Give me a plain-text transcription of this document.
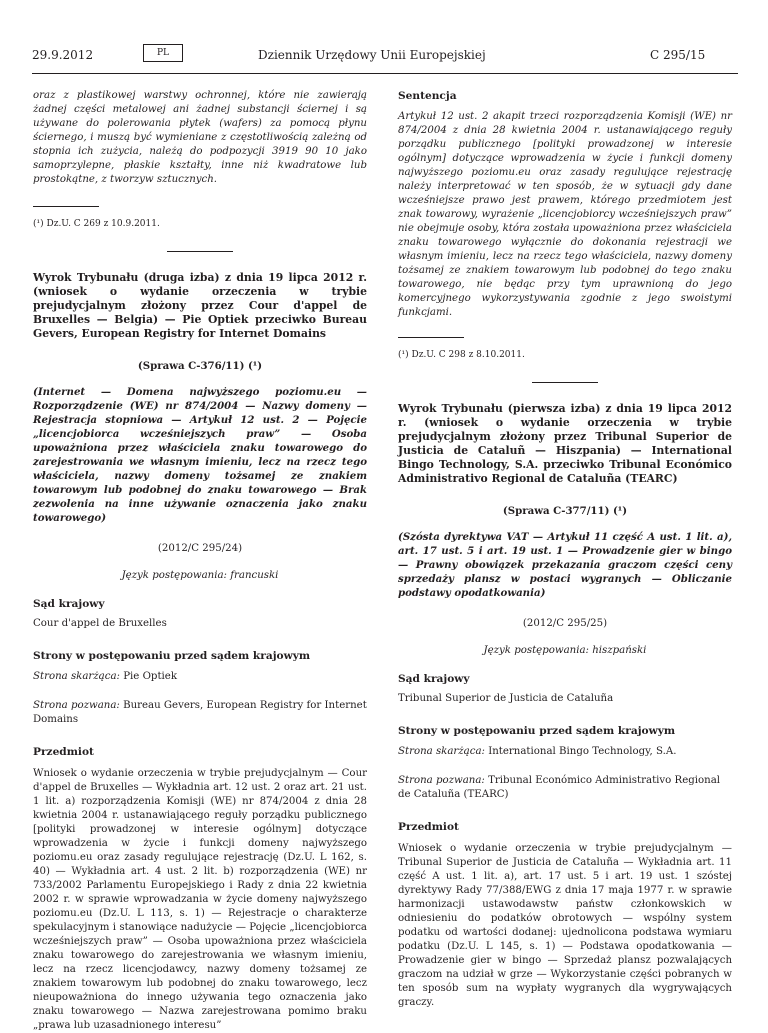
29.9.2012	PL	Dziennik Urzędowy Unii Europejskiej	C 295/15

oraz z plastikowej warstwy ochronnej, które nie zawierają żadnej części metalowej ani żadnej substancji ściernej i są używane do polerowania płytek (wafers) za pomocą płynu ściernego, i muszą być wymieniane z częstotliwością zależną od stopnia ich zużycia, należą do podpozycji 3919 90 10 jako samoprzylepne, płaskie kształty, inne niż kwadratowe lub prostokątne, z tworzyw sztucznych.

(¹) Dz.U. C 269 z 10.9.2011.

Wyrok Trybunału (druga izba) z dnia 19 lipca 2012 r. (wniosek o wydanie orzeczenia w trybie prejudycjalnym złożony przez Cour d'appel de Bruxelles — Belgia) — Pie Optiek przeciwko Bureau Gevers, European Registry for Internet Domains

(Sprawa C-376/11) (¹)

(Internet — Domena najwyższego poziomu.eu — Rozporządzenie (WE) nr 874/2004 — Nazwy domeny — Rejestracja stopniowa — Artykuł 12 ust. 2 — Pojęcie „licencjobiorca wcześniejszych praw” — Osoba upoważniona przez właściciela znaku towarowego do zarejestrowania we własnym imieniu, lecz na rzecz tego właściciela, nazwy domeny tożsamej ze znakiem towarowym lub podobnej do znaku towarowego — Brak zezwolenia na inne używanie oznaczenia jako znaku towarowego)

(2012/C 295/24)

Język postępowania: francuski

Sąd krajowy

Cour d'appel de Bruxelles

Strony w postępowaniu przed sądem krajowym

Strona skarżąca: Pie Optiek

Strona pozwana: Bureau Gevers, European Registry for Internet Domains

Przedmiot

Wniosek o wydanie orzeczenia w trybie prejudycjalnym — Cour d'appel de Bruxelles — Wykładnia art. 12 ust. 2 oraz art. 21 ust. 1 lit. a) rozporządzenia Komisji (WE) nr 874/2004 z dnia 28 kwietnia 2004 r. ustanawiającego reguły porządku publicznego [polityki prowadzonej w interesie ogólnym] dotyczące wprowadzenia w życie i funkcji domeny najwyższego poziomu.eu oraz zasady regulujące rejestrację (Dz.U. L 162, s. 40) — Wykładnia art. 4 ust. 2 lit. b) rozporządzenia (WE) nr 733/2002 Parlamentu Europejskiego i Rady z dnia 22 kwietnia 2002 r. w sprawie wprowadzania w życie domeny najwyższego poziomu.eu (Dz.U. L 113, s. 1) — Rejestracje o charakterze spekulacyjnym i stanowiące nadużycie — Pojęcie „licencjobiorca wcześniejszych praw” — Osoba upoważniona przez właściciela znaku towarowego do zarejestrowania we własnym imieniu, lecz na rzecz licencjodawcy, nazwy domeny tożsamej ze znakiem towarowym lub podobnej do znaku towarowego, lecz nieupoważniona do innego używania tego oznaczenia jako znaku towarowego — Nazwa zarejestrowana pomimo braku „prawa lub uzasadnionego interesu”

Sentencja

Artykuł 12 ust. 2 akapit trzeci rozporządzenia Komisji (WE) nr 874/2004 z dnia 28 kwietnia 2004 r. ustanawiającego reguły porządku publicznego [polityki prowadzonej w interesie ogólnym] dotyczące wprowadzenia w życie i funkcji domeny najwyższego poziomu.eu oraz zasady regulujące rejestrację należy interpretować w ten sposób, że w sytuacji gdy dane wcześniejsze prawo jest prawem, którego przedmiotem jest znak towarowy, wyrażenie „licencjobiorcy wcześniejszych praw” nie obejmuje osoby, która została upoważniona przez właściciela znaku towarowego wyłącznie do dokonania rejestracji we własnym imieniu, lecz na rzecz tego właściciela, nazwy domeny tożsamej ze znakiem towarowym lub podobnej do tego znaku towarowego, nie będąc przy tym uprawnioną do jego komercyjnego wykorzystywania zgodnie z jego swoistymi funkcjami.

(¹) Dz.U. C 298 z 8.10.2011.

Wyrok Trybunału (pierwsza izba) z dnia 19 lipca 2012 r. (wniosek o wydanie orzeczenia w trybie prejudycjalnym złożony przez Tribunal Superior de Justicia de Cataluñ — Hiszpania) — International Bingo Technology, S.A. przeciwko Tribunal Económico Administrativo Regional de Cataluña (TEARC)

(Sprawa C-377/11) (¹)

(Szósta dyrektywa VAT — Artykuł 11 część A ust. 1 lit. a), art. 17 ust. 5 i art. 19 ust. 1 — Prowadzenie gier w bingo — Prawny obowiązek przekazania graczom części ceny sprzedaży plansz w postaci wygranych — Obliczanie podstawy opodatkowania)

(2012/C 295/25)

Język postępowania: hiszpański

Sąd krajowy

Tribunal Superior de Justicia de Cataluña

Strony w postępowaniu przed sądem krajowym

Strona skarżąca: International Bingo Technology, S.A.

Strona pozwana: Tribunal Económico Administrativo Regional de Cataluña (TEARC)

Przedmiot

Wniosek o wydanie orzeczenia w trybie prejudycjalnym — Tribunal Superior de Justicia de Cataluña — Wykładnia art. 11 część A ust. 1 lit. a), art. 17 ust. 5 i art. 19 ust. 1 szóstej dyrektywy Rady 77/388/EWG z dnia 17 maja 1977 r. w sprawie harmonizacji ustawodawstw państw członkowskich w odniesieniu do podatków obrotowych — wspólny system podatku od wartości dodanej: ujednolicona podstawa wymiaru podatku (Dz.U. L 145, s. 1) — Podstawa opodatkowania — Prowadzenie gier w bingo — Sprzedaż plansz pozwalających graczom na udział w grze — Wykorzystanie części pobranych w ten sposób sum na wypłaty wygranych dla wygrywających graczy.
